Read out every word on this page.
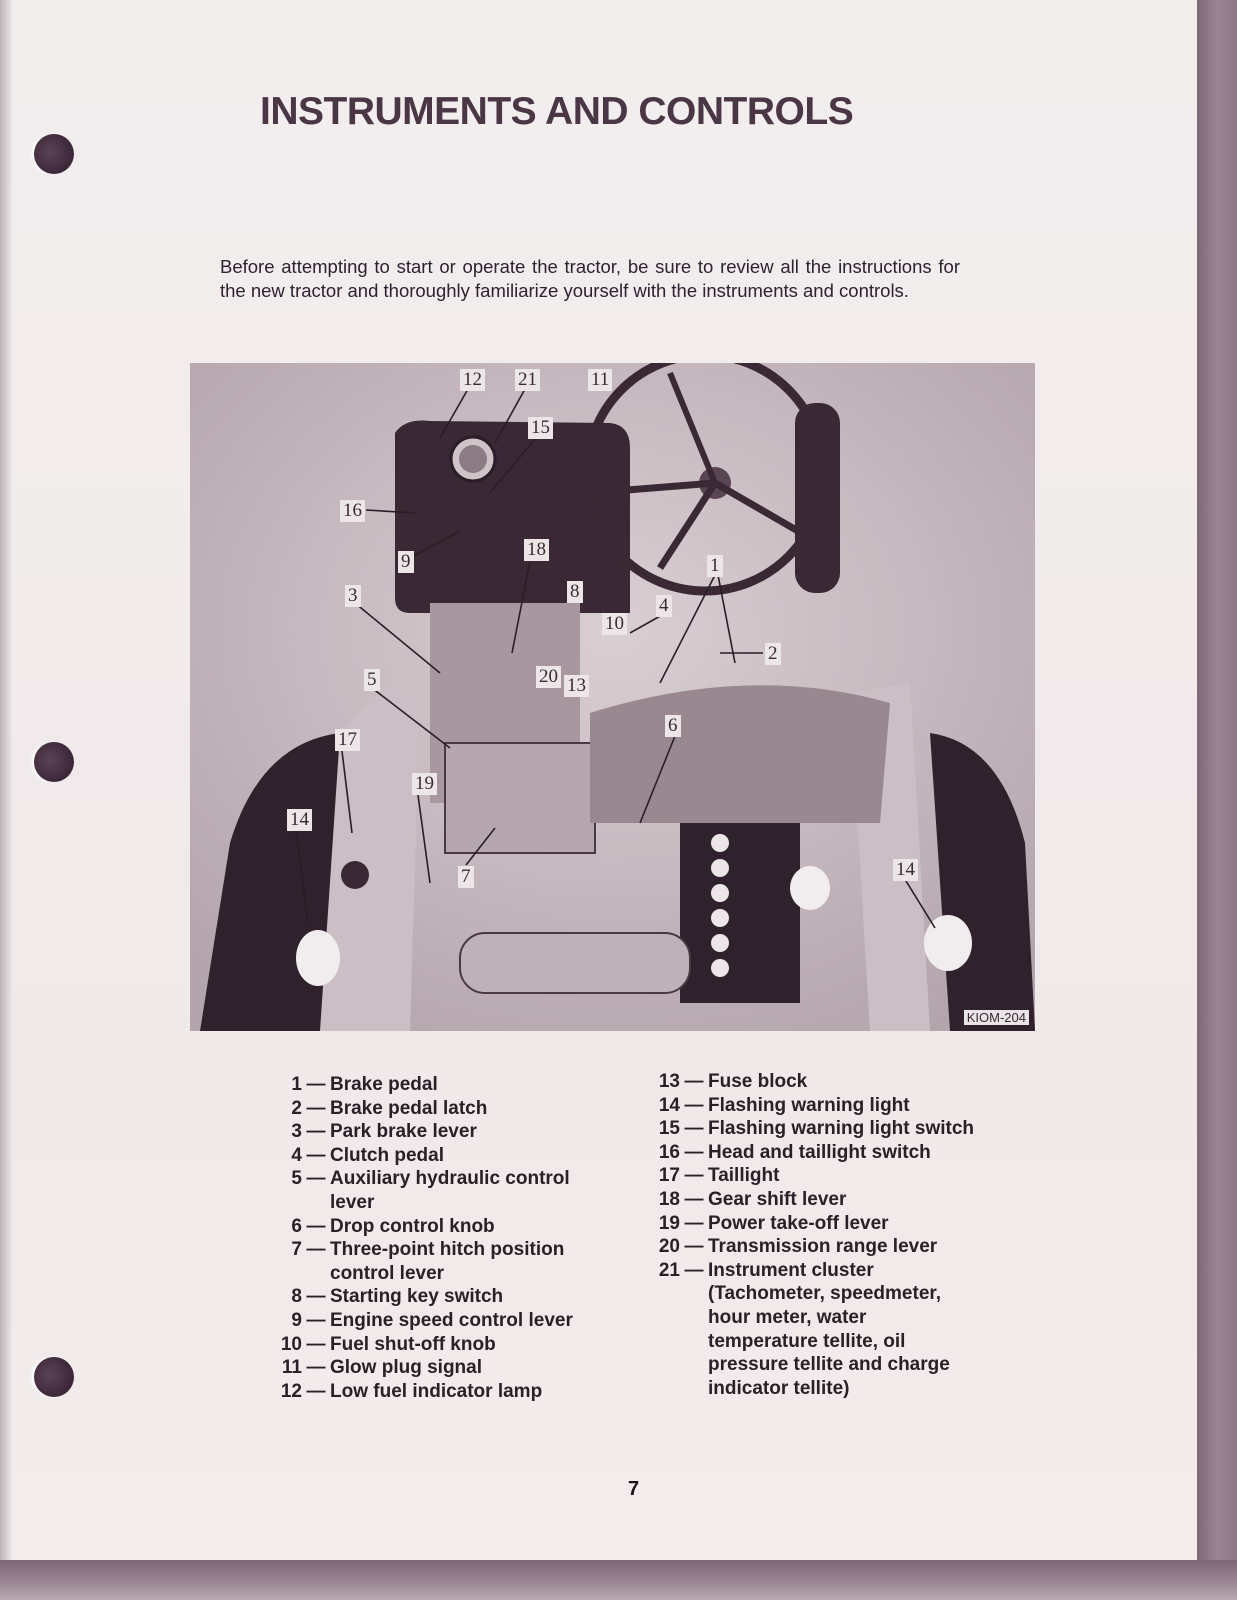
INSTRUMENTS AND CONTROLS

Before attempting to start or operate the tractor, be sure to review all the instructions for the new tractor and thoroughly familiarize yourself with the instruments and controls.

12 21	11
15
16
9
18
3	8
1
10
4
2
5	20 13
6
17
19
14
7	14
KIOM-204
1 — Brake pedal
2 — Brake pedal latch
3 — Park brake lever
4 — Clutch pedal
5 — Auxiliary hydraulic control lever
6 — Drop control knob
7 — Three-point hitch position control lever
8 — Starting key switch
9 — Engine speed control lever
10 — Fuel shut-off knob
11 — Glow plug signal
12 — Low fuel indicator lamp
13 — Fuse block
14 — Flashing warning light
15 — Flashing warning light switch
16 — Head and taillight switch
17 — Taillight
18 — Gear shift lever
19 — Power take-off lever
20 — Transmission range lever
21 — Instrument cluster (Tachometer, speedmeter, hour meter, water temperature tellite, oil pressure tellite and charge indicator tellite)
7
